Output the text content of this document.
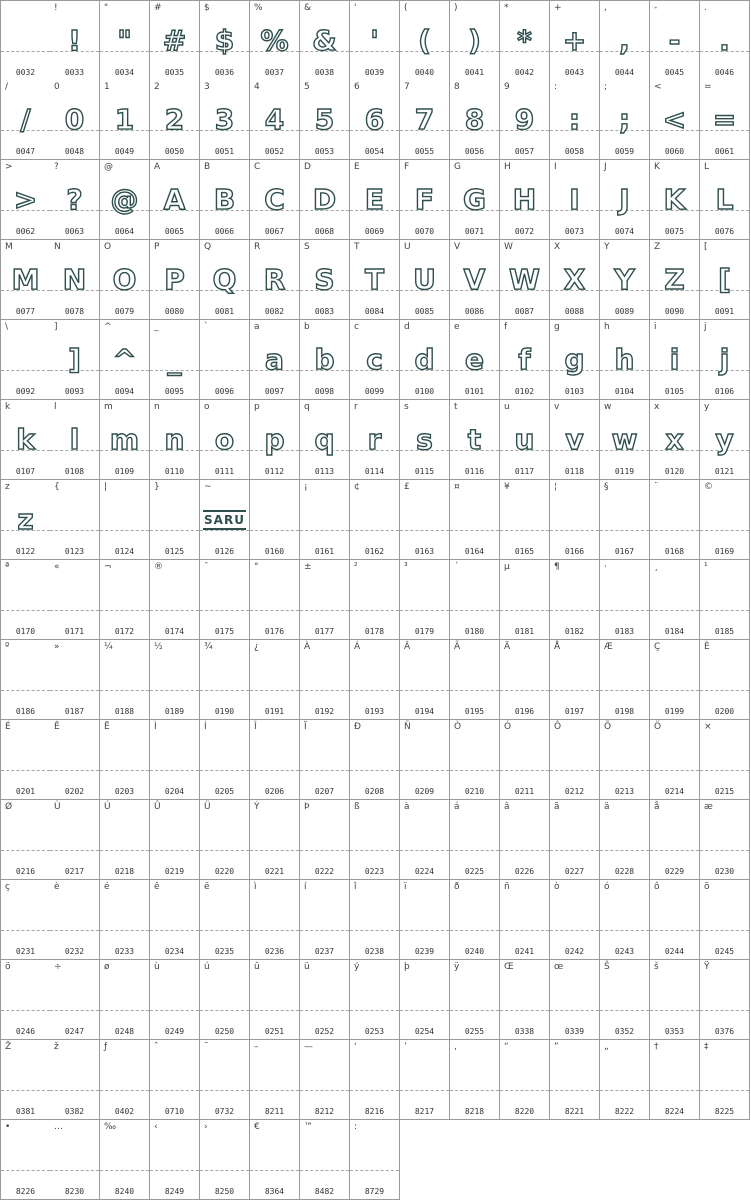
0032
!
!
0033
"
"
0034
#
#
0035
$
$
0036
%
%
0037
&
&
0038
'
'
0039
(
(
0040
)
)
0041
*
*
0042
+
+
0043
,
,
0044
-
-
0045
.
.
0046
/
/
0047
0
0
0048
1
1
0049
2
2
0050
3
3
0051
4
4
0052
5
5
0053
6
6
0054
7
7
0055
8
8
0056
9
9
0057
:
:
0058
;
;
0059
<
<
0060
=
=
0061
>
>
0062
?
?
0063
@
@
0064
A
A
0065
B
B
0066
C
C
0067
D
D
0068
E
E
0069
F
F
0070
G
G
0071
H
H
0072
I
I
0073
J
J
0074
K
K
0075
L
L
0076
M
M
0077
N
N
0078
O
O
0079
P
P
0080
Q
Q
0081
R
R
0082
S
S
0083
T
T
0084
U
U
0085
V
V
0086
W
W
0087
X
X
0088
Y
Y
0089
Z
Z
0090
[
[
0091
\
0092
]
]
0093
^
^
0094
_
_
0095
`
0096
a
a
0097
b
b
0098
c
c
0099
d
d
0100
e
e
0101
f
f
0102
g
g
0103
h
h
0104
i
i
0105
j
j
0106
k
k
0107
l
l
0108
m
m
0109
n
n
0110
o
o
0111
p
p
0112
q
q
0113
r
r
0114
s
s
0115
t
t
0116
u
u
0117
v
v
0118
w
w
0119
x
x
0120
y
y
0121
z
z
0122
{
0123
|
0124
}
0125
~
SARU
0126	0160
¡
0161
¢
0162
£
0163
¤
0164
¥
0165
¦
0166
§
0167
¨
0168
©
0169
ª
0170
«
0171
¬
0172
®
0174
¯
0175
°
0176
±
0177
²
0178
³
0179
´
0180
µ
0181
¶
0182
·
0183
¸
0184
¹
0185
º
0186
»
0187
¼
0188
½
0189
¾
0190
¿
0191
À
0192
Á
0193
Â
0194
Ã
0195
Ä
0196
Å
0197
Æ
0198
Ç
0199
È
0200
É
0201
Ê
0202
Ë
0203
Ì
0204
Í
0205
Î
0206
Ï
0207
Ð
0208
Ñ
0209
Ò
0210
Ó
0211
Ô
0212
Õ
0213
Ö
0214
×
0215
Ø
0216
Ù
0217
Ú
0218
Û
0219
Ü
0220
Ý
0221
Þ
0222
ß
0223
à
0224
á
0225
â
0226
ã
0227
ä
0228
å
0229
æ
0230
ç
0231
è
0232
é
0233
ê
0234
ë
0235
ì
0236
í
0237
î
0238
ï
0239
ð
0240
ñ
0241
ò
0242
ó
0243
ô
0244
õ
0245
ö
0246
÷
0247
ø
0248
ù
0249
ú
0250
û
0251
ü
0252
ý
0253
þ
0254
ÿ
0255
Œ
0338
œ
0339
Š
0352
š
0353
Ÿ
0376
Ž
0381
ž
0382
ƒ
0402
ˆ
0710
˜
0732
–
8211
—
8212
‘
8216
’
8217
‚
8218
“
8220
”
8221
„
8222
†
8224
‡
8225
•
8226
…
8230
‰
8240
‹
8249
›
8250
€
8364
™
8482
:
8729
